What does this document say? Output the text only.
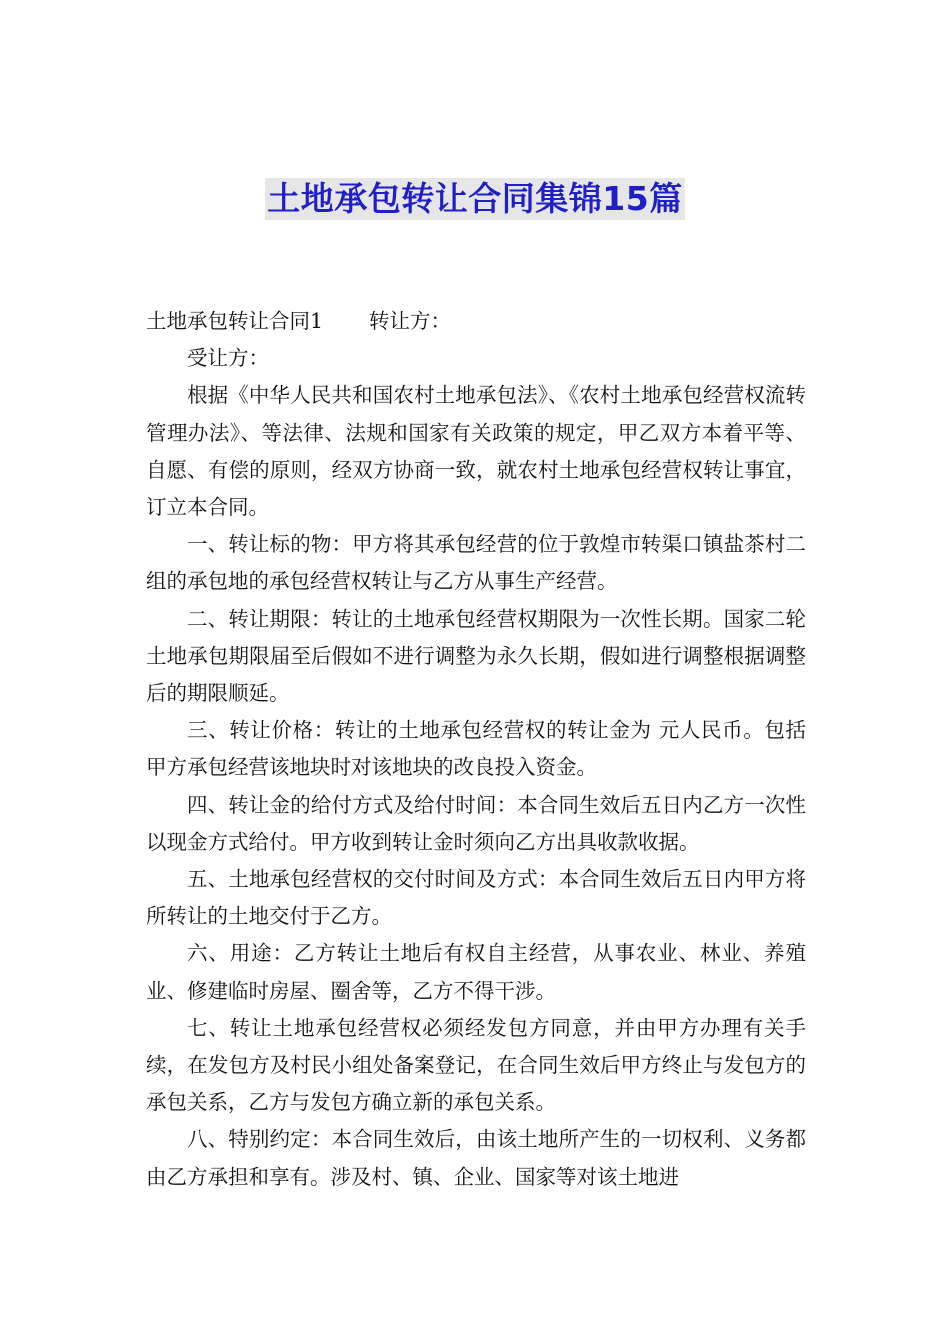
土地承包转让合同集锦15篇

土地承包转让合同1 转让方：

受让方：

根据《中华人民共和国农村土地承包法》、《农村土地承包经营权流转管理办法》、等法律、法规和国家有关政策的规定，甲乙双方本着平等、自愿、有偿的原则，经双方协商一致，就农村土地承包经营权转让事宜，订立本合同。

一、转让标的物：甲方将其承包经营的位于敦煌市转渠口镇盐茶村二组的承包地的承包经营权转让与乙方从事生产经营。

二、转让期限：转让的土地承包经营权期限为一次性长期。国家二轮土地承包期限届至后假如不进行调整为永久长期，假如进行调整根据调整后的期限顺延。

三、转让价格：转让的土地承包经营权的转让金为 元人民币。包括甲方承包经营该地块时对该地块的改良投入资金。

四、转让金的给付方式及给付时间：本合同生效后五日内乙方一次性以现金方式给付。甲方收到转让金时须向乙方出具收款收据。

五、土地承包经营权的交付时间及方式：本合同生效后五日内甲方将所转让的土地交付于乙方。

六、用途：乙方转让土地后有权自主经营，从事农业、林业、养殖业、修建临时房屋、圈舍等，乙方不得干涉。

七、转让土地承包经营权必须经发包方同意，并由甲方办理有关手续，在发包方及村民小组处备案登记，在合同生效后甲方终止与发包方的承包关系，乙方与发包方确立新的承包关系。

八、特别约定：本合同生效后，由该土地所产生的一切权利、义务都由乙方承担和享有。涉及村、镇、企业、国家等对该土地进
